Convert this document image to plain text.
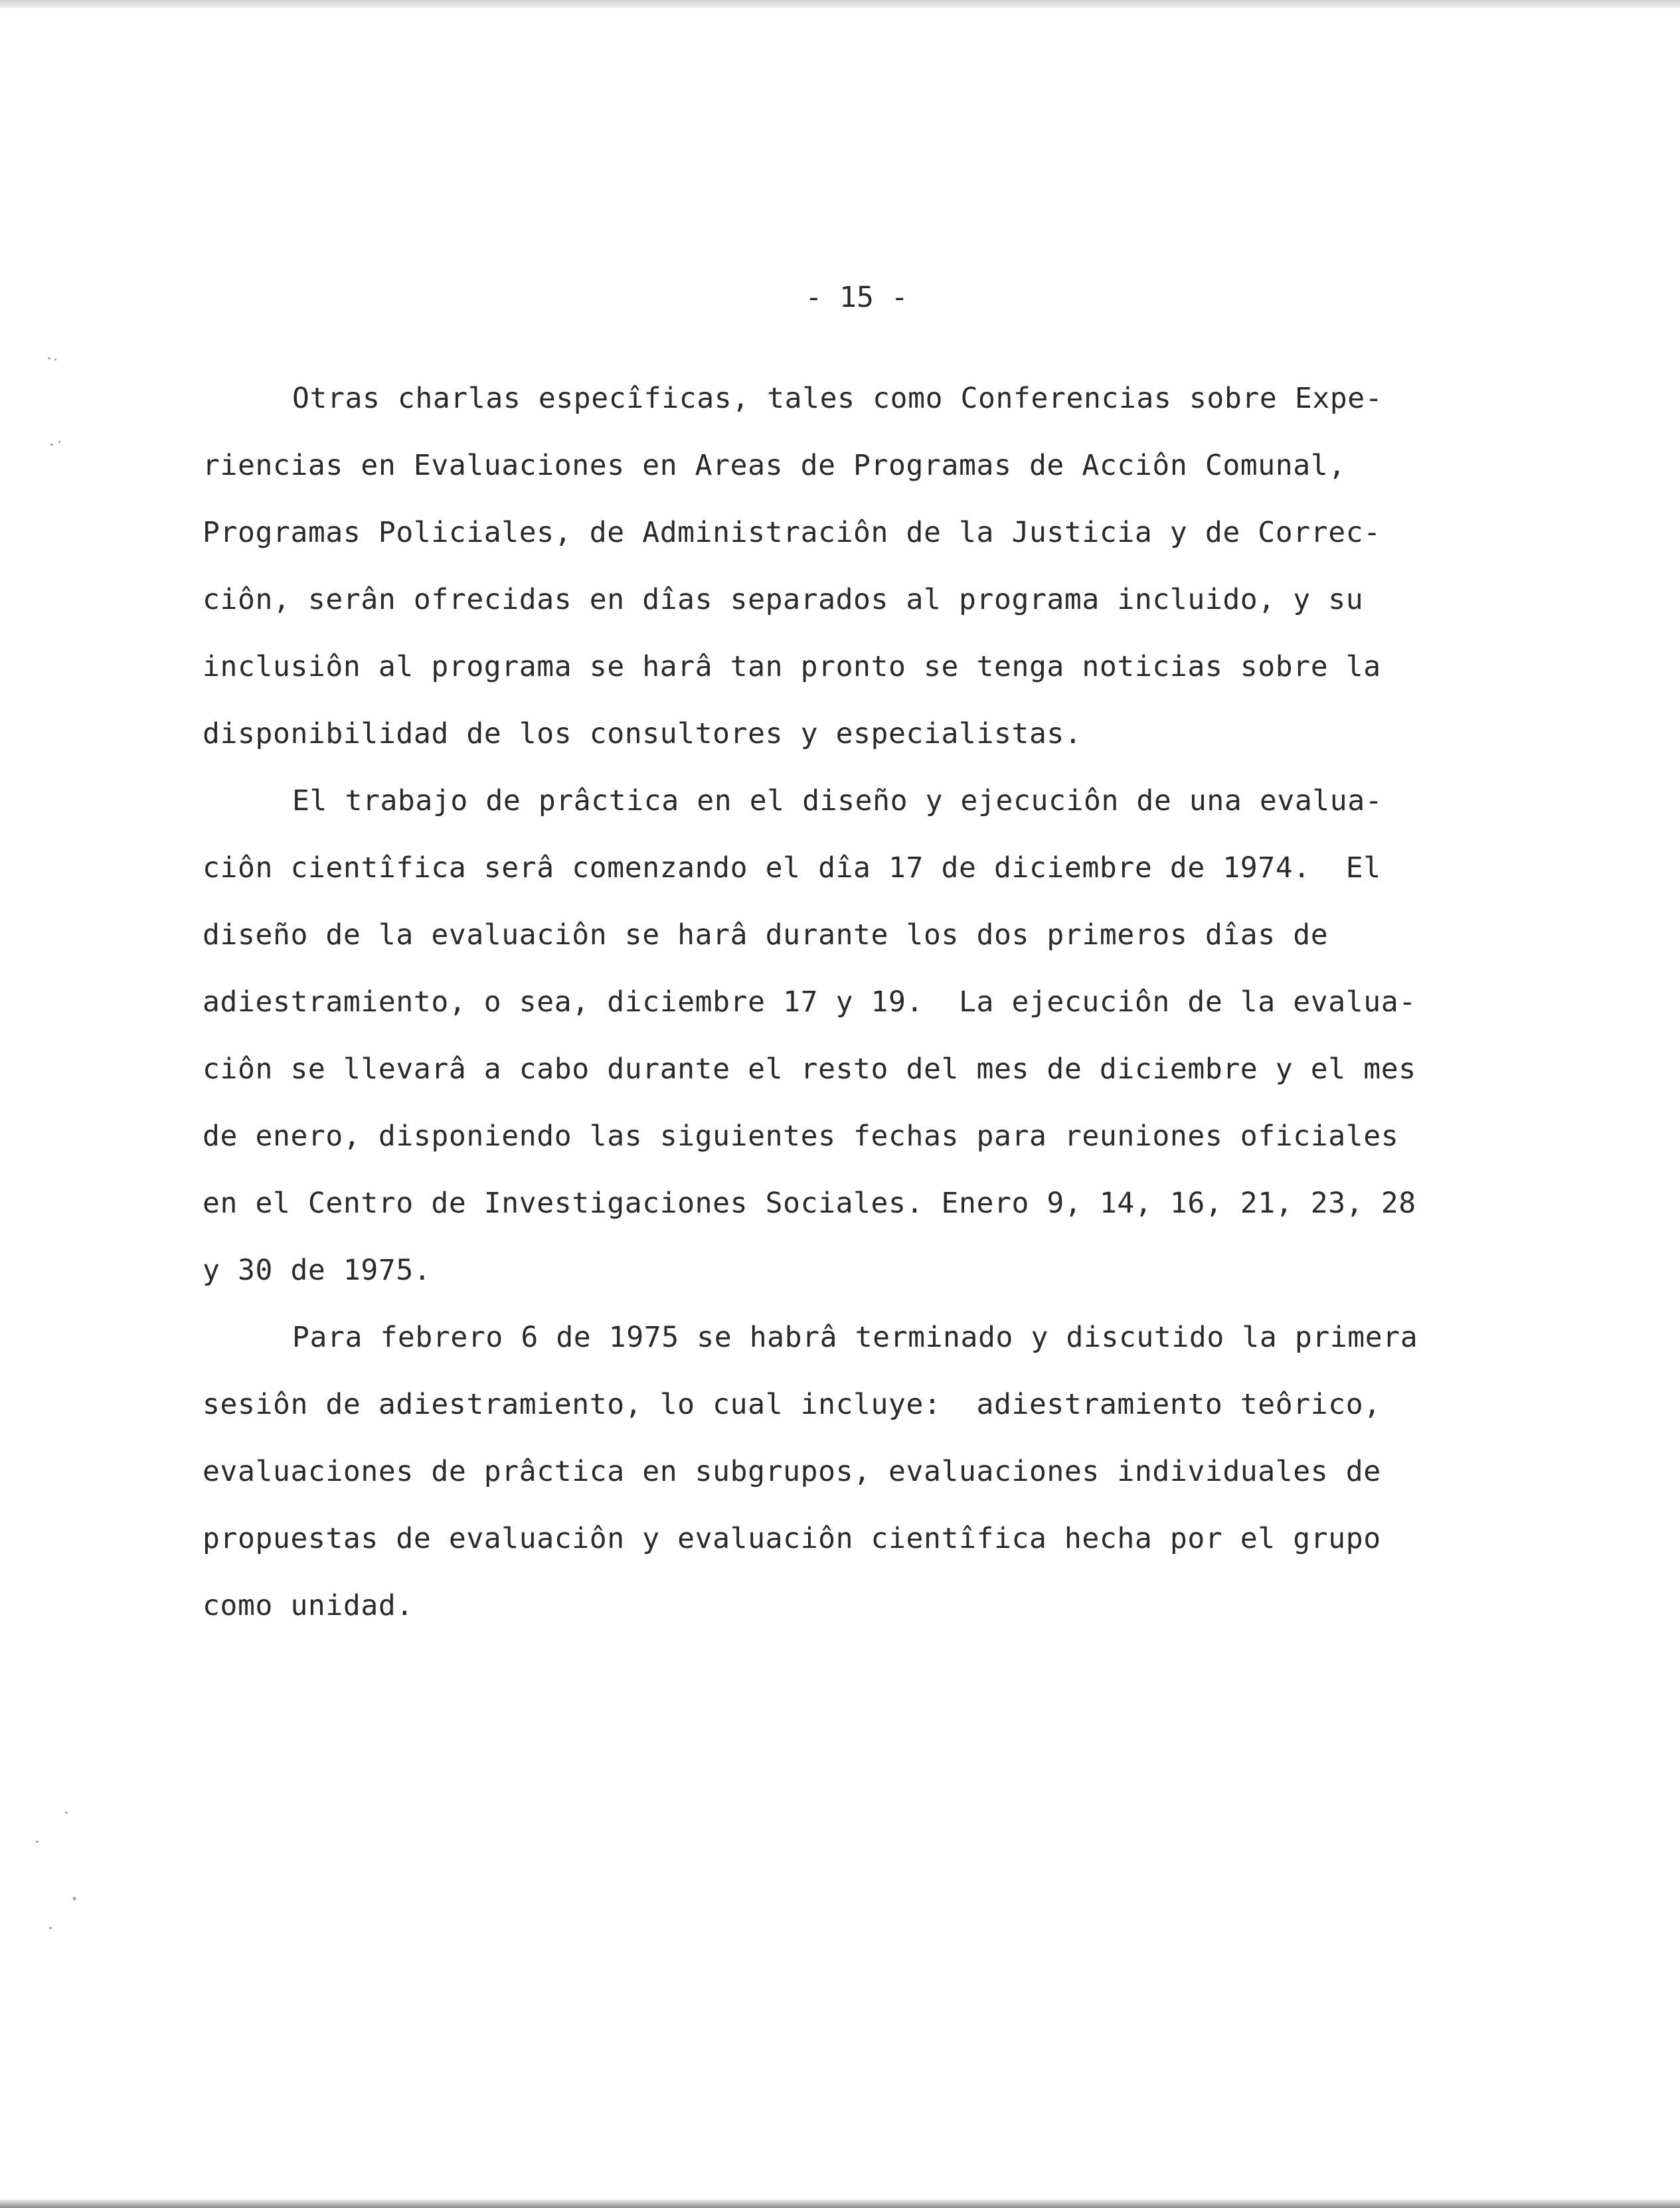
- 15 -
Otras charlas especîficas, tales como Conferencias sobre Expe-
riencias en Evaluaciones en Areas de Programas de Acciôn Comunal,
Programas Policiales, de Administraciôn de la Justicia y de Correc-
ciôn, serân ofrecidas en dîas separados al programa incluido, y su
inclusiôn al programa se harâ tan pronto se tenga noticias sobre la
disponibilidad de los consultores y especialistas.
El trabajo de prâctica en el diseño y ejecuciôn de una evalua-
ciôn cientîfica serâ comenzando el dîa 17 de diciembre de 1974.  El
diseño de la evaluaciôn se harâ durante los dos primeros dîas de
adiestramiento, o sea, diciembre 17 y 19.  La ejecuciôn de la evalua-
ciôn se llevarâ a cabo durante el resto del mes de diciembre y el mes
de enero, disponiendo las siguientes fechas para reuniones oficiales
en el Centro de Investigaciones Sociales. Enero 9, 14, 16, 21, 23, 28
y 30 de 1975.
Para febrero 6 de 1975 se habrâ terminado y discutido la primera
sesiôn de adiestramiento, lo cual incluye:  adiestramiento teôrico,
evaluaciones de prâctica en subgrupos, evaluaciones individuales de
propuestas de evaluaciôn y evaluaciôn cientîfica hecha por el grupo
como unidad.
